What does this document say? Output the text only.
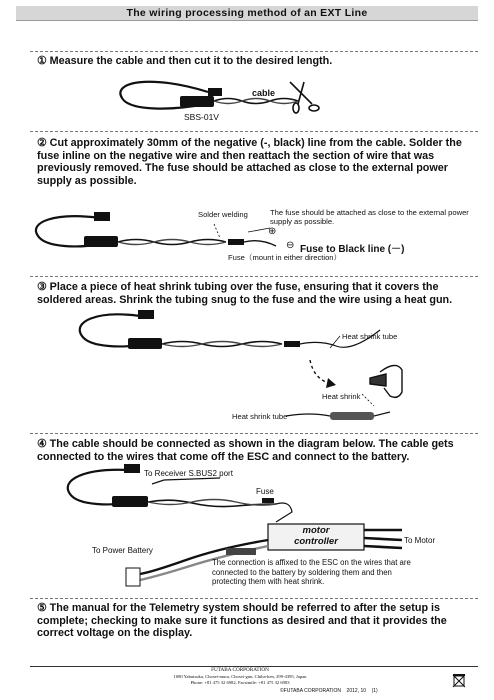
The wiring processing method of an EXT Line
① Measure the cable and then cut it to the desired length.
cable
SBS-01V
② Cut approximately 30mm of the negative (-, black) line from the cable. Solder the fuse inline on the negative wire and then reattach the section of wire that was previously removed. The fuse should be attached as close to the external power supply as possible.
Solder welding	The fuse should be attached as close to the external power supply as possible.
⊕
⊖ Fuse to Black line (－)
Fuse（mount in either direction）
③ Place a piece of heat shrink tubing over the fuse, ensuring that it covers the soldered areas. Shrink the tubing snug to the fuse and the wire using a heat gun.
Heat shrink tube
Heat shrink
Heat shrink tube
④ The cable should be connected as shown in the diagram below. The cable gets connected to the wires that come off the ESC and connect to the battery.
To Receiver S.BUS2 port
Fuse
To Power Battery
To Motor
motor
controller
The connection is affixed to the ESC on the wires that are connected to the battery by soldering them and then protecting them with heat shrink.
⑤ The manual for the Telemetry system should be referred to after the setup is complete; checking to make sure it functions as desired and that it provides the correct voltage on the display.
FUTABA CORPORATION
1080 Yabutsuka, Chosei-mura, Chosei-gun, Chiba-ken, 299-4395, Japan
Phone: +81 475 32 6982, Facsimile: +81 475 32 6983
©FUTABA CORPORATION    2012, 10    (1)
